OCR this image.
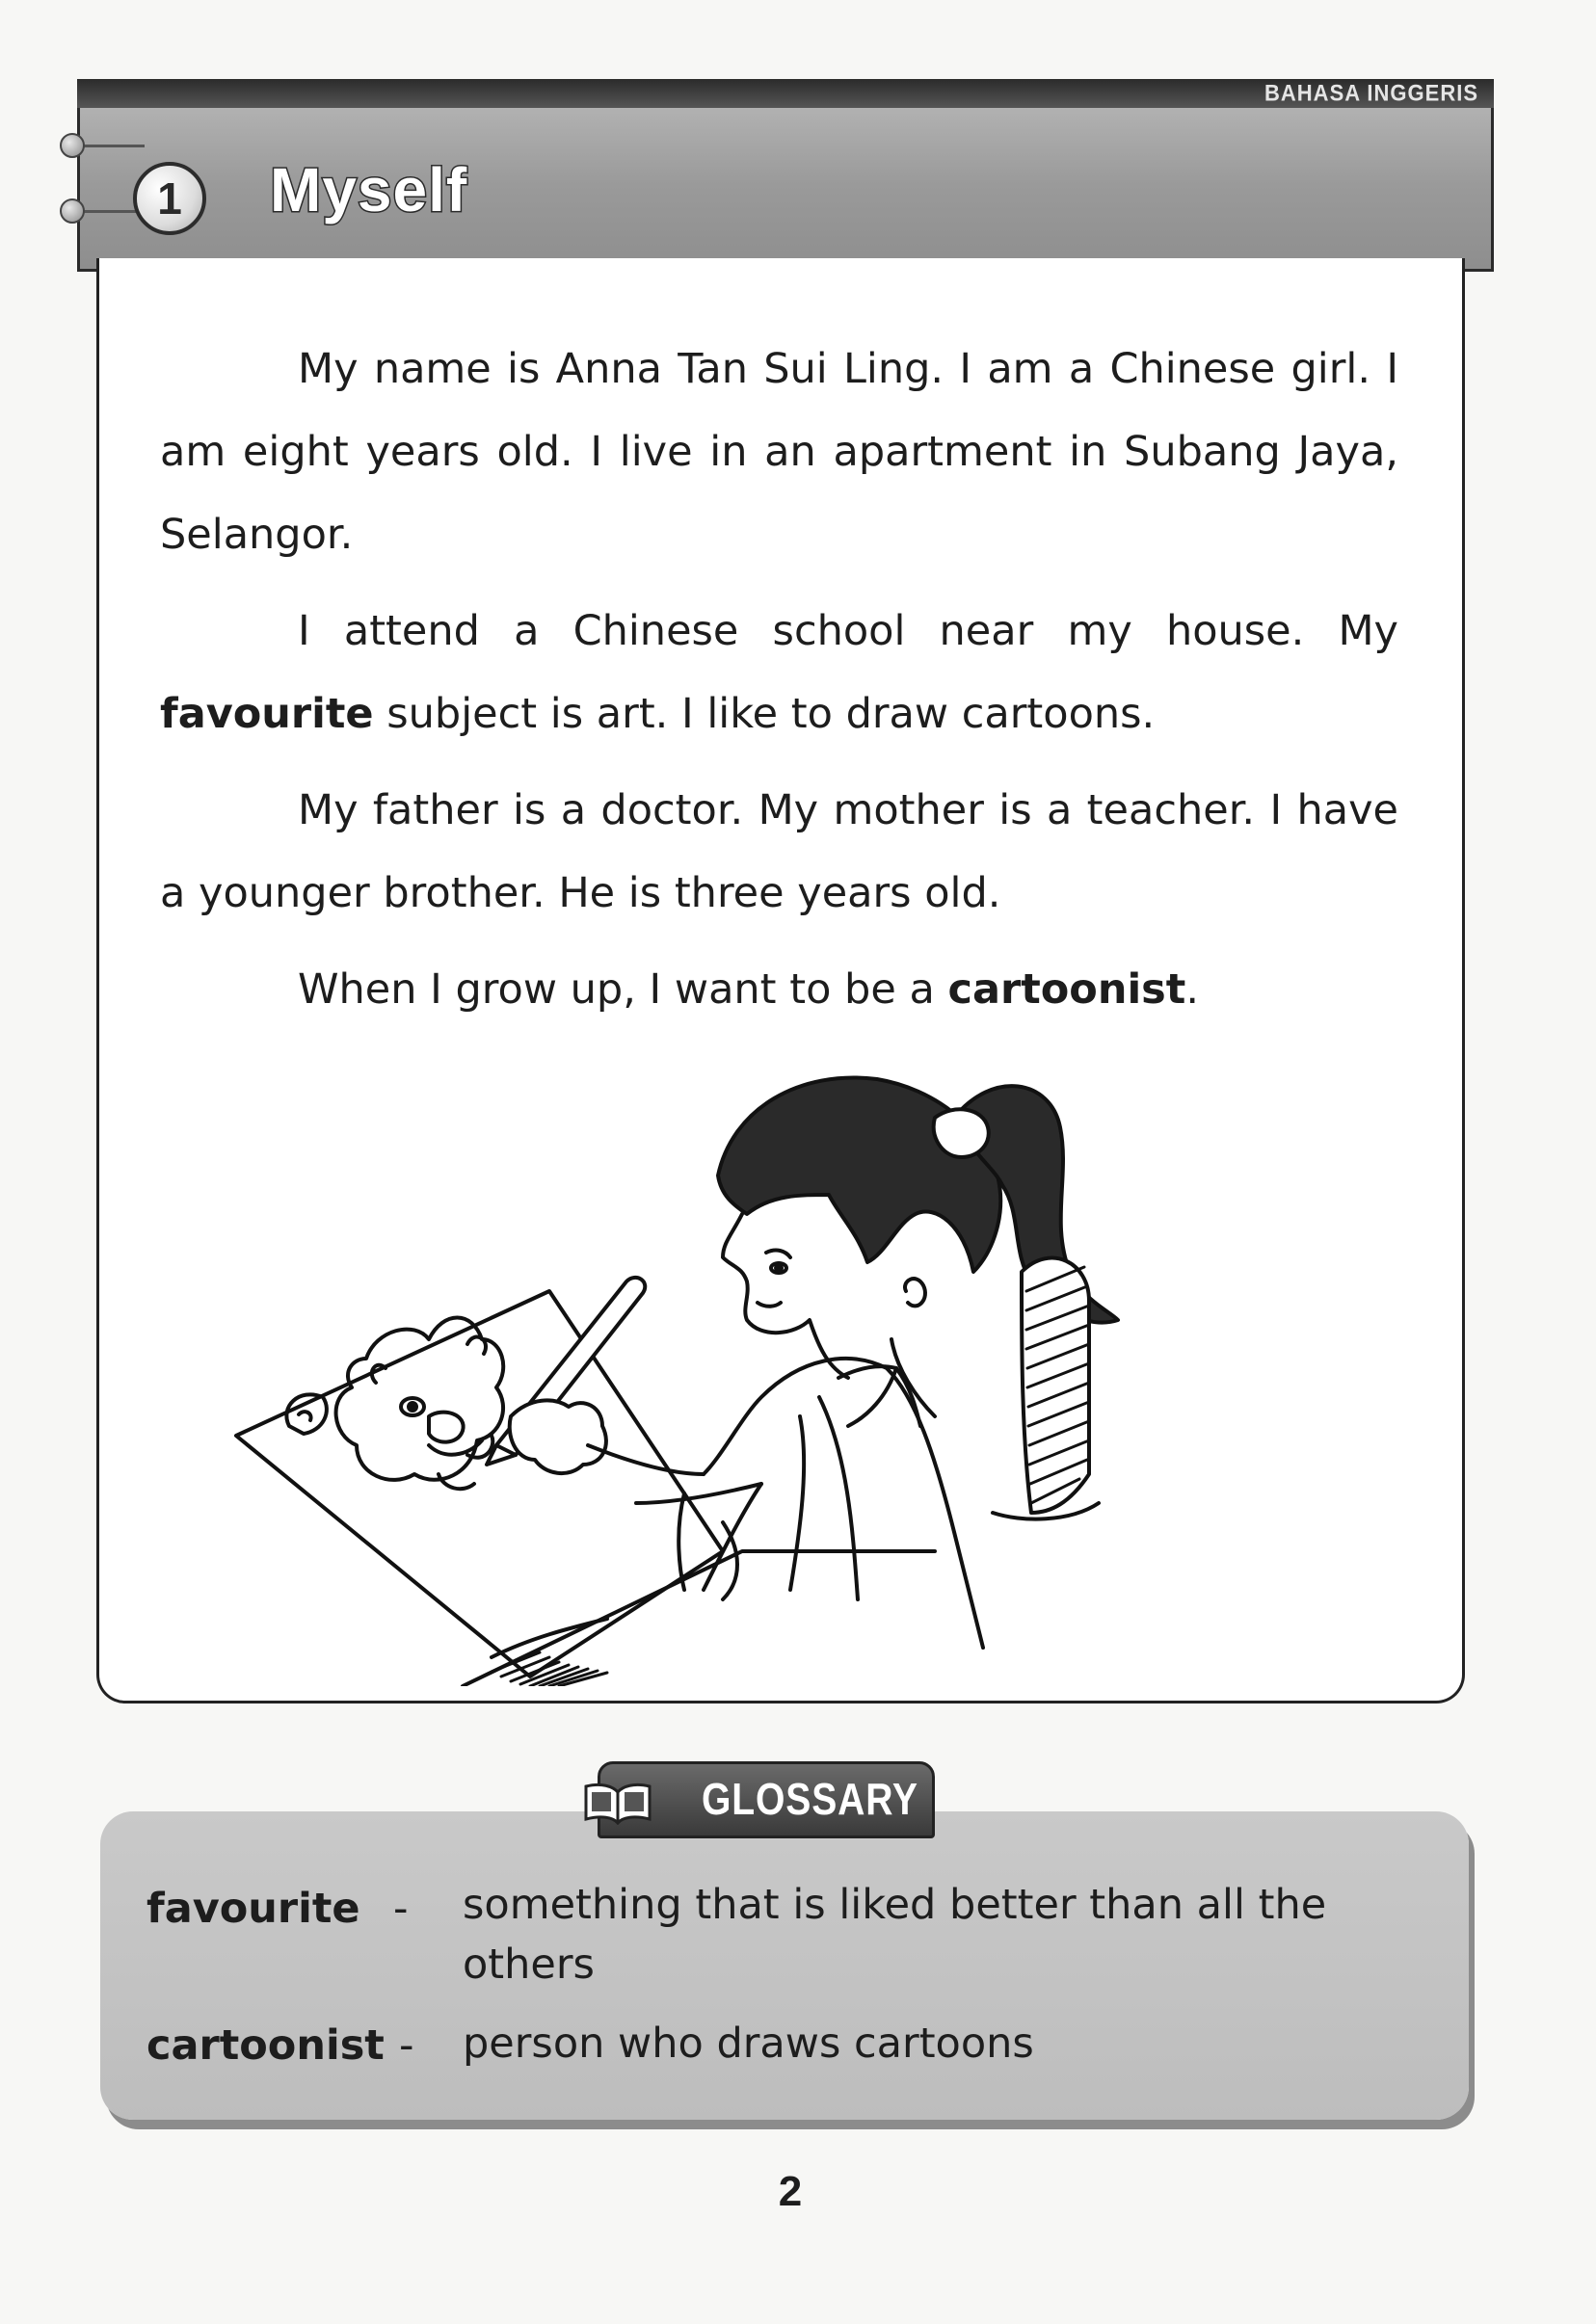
BAHASA INGGERIS
1	Myself

My name is Anna Tan Sui Ling. I am a Chinese girl. I am eight years old. I live in an apartment in Subang Jaya, Selangor.

I attend a Chinese school near my house. My favourite subject is art. I like to draw cartoons.

My father is a doctor. My mother is a teacher. I have a younger brother. He is three years old.

When I grow up, I want to be a cartoonist.

GLOSSARY
favourite - something that is liked better than all the
others
cartoonist - person who draws cartoons
2
